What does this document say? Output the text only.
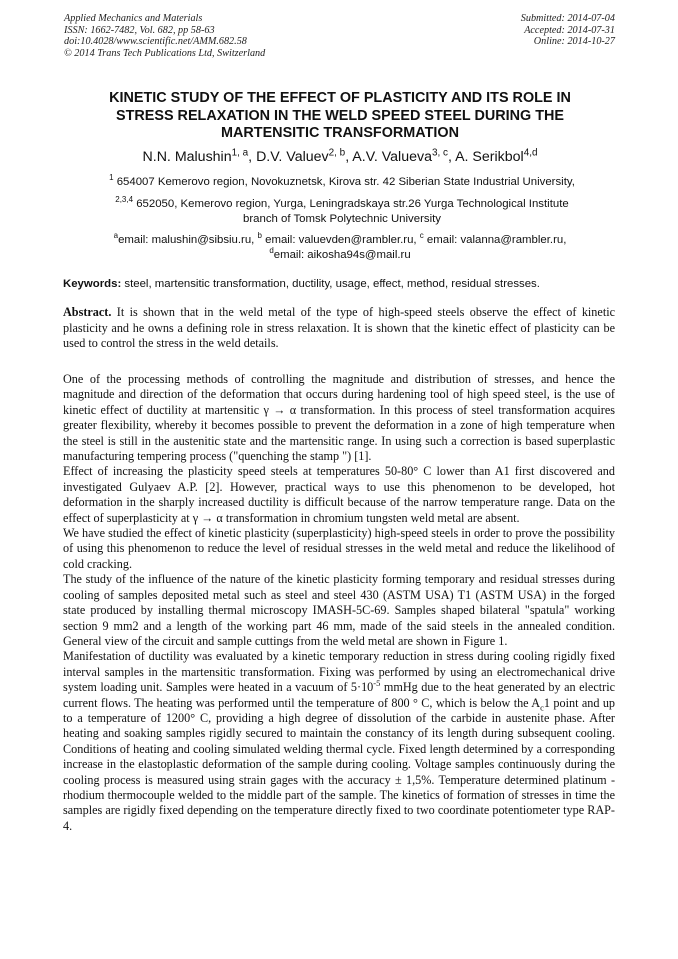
Applied Mechanics and Materials
ISSN: 1662-7482, Vol. 682, pp 58-63
doi:10.4028/www.scientific.net/AMM.682.58
© 2014 Trans Tech Publications Ltd, Switzerland
Submitted: 2014-07-04
Accepted: 2014-07-31
Online: 2014-10-27
KINETIC STUDY OF THE EFFECT OF PLASTICITY AND ITS ROLE IN
STRESS RELAXATION IN THE WELD SPEED STEEL DURING THE
MARTENSITIC TRANSFORMATION
N.N. Malushin$^{1, a}$, D.V. Valuev$^{2, b}$, A.V. Valueva$^{3, c}$, A. Serikbol$^{4,d}$
$^1$ 654007 Kemerovo region, Novokuznetsk, Kirova str. 42 Siberian State Industrial University,
$^{2,3,4}$ 652050, Kemerovo region, Yurga, Leningradskaya str.26 Yurga Technological Institute
branch of Tomsk Polytechnic University
$^a$email: malushin@sibsiu.ru, $^b$ email: valuevden@rambler.ru, $^c$ email: valanna@rambler.ru,
$^d$email: aikosha94s@mail.ru
Keywords: steel, martensitic transformation, ductility, usage, effect, method, residual stresses.
Abstract. It is shown that in the weld metal of the type of high-speed steels observe the effect of kinetic plasticity and he owns a defining role in stress relaxation. It is shown that the kinetic effect of plasticity can be used to control the stress in the weld details.

One of the processing methods of controlling the magnitude and distribution of stresses, and hence the magnitude and direction of the deformation that occurs during hardening tool of high speed steel, is the use of kinetic effect of ductility at martensitic γ → α transformation. In this process of steel transformation acquires greater flexibility, whereby it becomes possible to prevent the deformation in a zone of high temperature when the steel is still in the austenitic state and the martensitic range. In using such a correction is based superplastic manufacturing tempering process ("quenching the stamp ") [1].

Effect of increasing the plasticity speed steels at temperatures 50-80° C lower than A1 first discovered and investigated Gulyaev A.P. [2]. However, practical ways to use this phenomenon to be developed, hot deformation in the sharply increased ductility is difficult because of the narrow temperature range. Data on the effect of superplasticity at γ → α transformation in chromium tungsten weld metal are absent.

We have studied the effect of kinetic plasticity (superplasticity) high-speed steels in order to prove the possibility of using this phenomenon to reduce the level of residual stresses in the weld metal and reduce the likelihood of cold cracking.

The study of the influence of the nature of the kinetic plasticity forming temporary and residual stresses during cooling of samples deposited metal such as steel and steel 430 (ASTM USA) T1 (ASTM USA) in the forged state produced by installing thermal microscopy IMASH-5C-69. Samples shaped bilateral "spatula" working section 9 mm2 and a length of the working part 46 mm, made of the said steels in the annealed condition. General view of the circuit and sample cuttings from the weld metal are shown in Figure 1.

Manifestation of ductility was evaluated by a kinetic temporary reduction in stress during cooling rigidly fixed interval samples in the martensitic transformation. Fixing was performed by using an electromechanical drive system loading unit. Samples were heated in a vacuum of $5\cdot 10^{-5}$ mmHg due to the heat generated by an electric current flows. The heating was performed until the temperature of 800 ° C, which is below the $A_c1$ point and up to a temperature of 1200° C, providing a high degree of dissolution of the carbide in austenite phase. After heating and soaking samples rigidly secured to maintain the constancy of its length during subsequent cooling. Conditions of heating and cooling simulated welding thermal cycle. Fixed length determined by a corresponding increase in the elastoplastic deformation of the sample during cooling. Voltage samples continuously during the cooling process is measured using strain gages with the accuracy ± 1,5%. Temperature determined platinum - rhodium thermocouple welded to the middle part of the sample. The kinetics of formation of stresses in time the samples are rigidly fixed depending on the temperature directly fixed to two coordinate potentiometer type RAP-4.
